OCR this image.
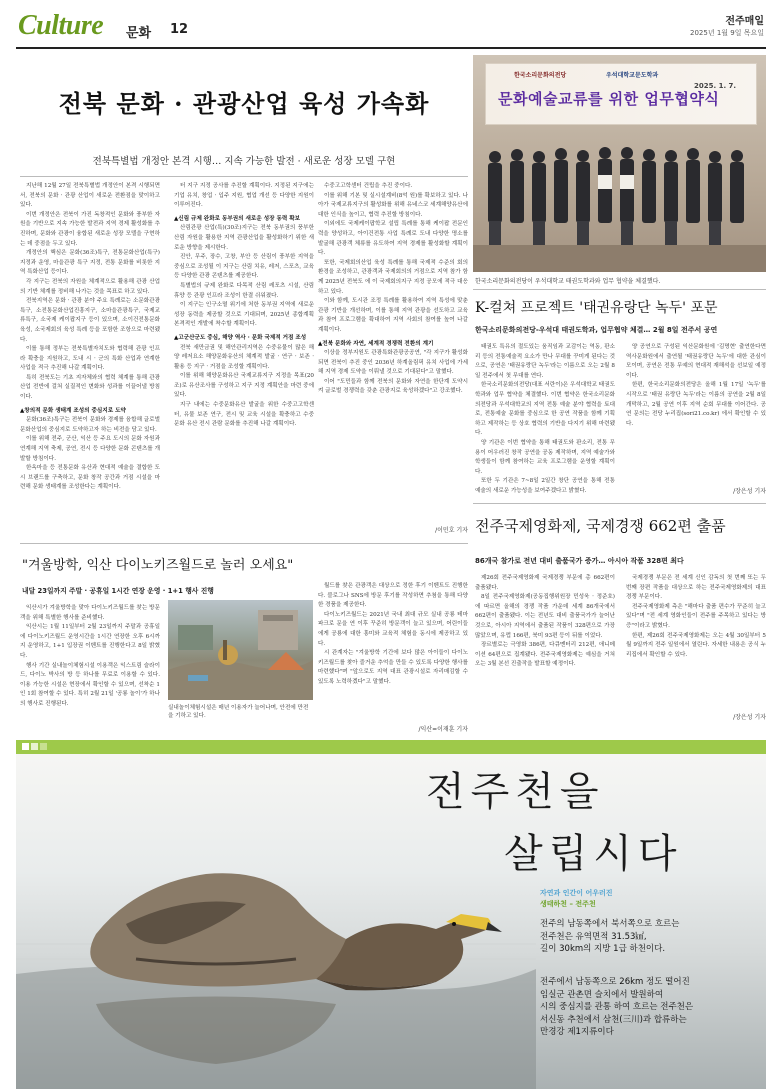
Culture 문화 12
전주매일
2025년 1월 9일 목요일
전북 문화 · 관광산업 육성 가속화
전북특별법 개정안 본격 시행… 지속 가능한 발전 · 새로운 성장 모델 구현

지난해 12월 27일 전북특별법 개정안이 본격 시행되면서, 전북의 문화 · 관광 산업이 새로운 전환점을 맞이하고 있다.

이번 개정안은 전북이 가진 독창적인 문화와 풍부한 자원을 기반으로 지속 가능한 발전과 지역 경제 활성화를 추진하며, 문화와 관광이 융합된 새로운 성장 모델을 구현하는 데 중점을 두고 있다.

개정안의 핵심은 문화(36조)특구, 전통문화산업(특구) 지정과 운영, 마을관광 특구 지정, 전통 문화를 비롯한 지역 특화산업 등이다.

각 지구는 전북의 자원을 체계적으로 활용해 관광 산업의 기반 체계를 정비해 나가는 것을 목표로 하고 있다.

전북지역은 문화 · 관광 분야 주요 특례로는 소문화관광특구, 소전통문화산업진흥지구, 소마을관광특구, 국제교류특구, 소국제 케이팝지구 등이 있으며, 소이건전통문화 육성, 소국제회의 육성 특례 등을 포함한 조항으로 마련됐다.

이를 통해 정부는 전북특별자치도와 협력해 관광 인프라 확충을 지원하고, 도내 시 · 군의 특화 산업과 연계한 사업을 적극 추진해 나갈 계획이다.

특히 전북도는 기초 지자체와의 협력 체계를 통해 관광 산업 전반에 걸쳐 실질적인 변화와 성과를 이끌어낼 방침이다.

▲창의적 문화 생태계 조성의 중심지로 도약

문화(36조)특구는 전북이 문화와 경제를 융합해 글로벌 문화산업의 중심지로 도약하고자 하는 비전을 담고 있다.

이를 위해 전주, 군산, 익산 등 주요 도시의 문화 자원과 연계해 지역 축제, 공연, 전시 등 다양한 문화 콘텐츠를 개발할 방침이다.

한옥마을 등 전통문화 유산과 현대적 예술을 결합한 도시 브랜드를 구축하고, 문화 창작 공간과 거점 시설을 마련해 문화 생태계를 조성한다는 계획이다.

터 지구 지정 공사를 추진할 계획이다. 지정된 지구에는 기업 유치, 창업 · 입주 지원, 협업 개선 등 다양한 지원이 이루어진다.

▲신림 규제 완화로 동부권의 새로운 성장 동력 확보

산림관광 산업(특)(30조)지구는 전북 동부권의 풍부한 산림 자원을 활용한 지역 관광산업을 활성화하기 위한 새로운 방향을 제시한다.

진안, 무주, 장수, 고창, 부안 등 산림이 풍부한 지역을 중심으로 조성될 이 지구는 산림 치유, 레저, 스포츠, 교육 등 다양한 관광 콘텐츠를 제공한다.

특별법의 규제 완화로 다목적 산림 레포츠 시설, 산림 휴양 등 관광 인프라 조성이 한결 쉬워졌다.

이 지구는 인구소멸 위기에 처한 동부권 지역에 새로운 성장 동력을 제공할 것으로 기대되며, 2025년 종합계획 본격적인 개발에 착수할 계획이다.

▲고군산군도 중심, 해양 역사 · 문화 국제적 거점 조성

전북 새만금권 및 해안관리지역은 수중유물이 많은 해양 레저요소 해양문화유산의 체계적 발굴 · 연구 · 보존 · 활용 등 지구 · 거점을 조성할 계획이다.

이를 위해 해양문화유산 국제교류지구 지정을 목표(20조)로 유산조사를 구성하고 지구 지정 계획안을 마련 중에 있다.

지구 내에는 수중문화유산 발굴을 위한 수중고고학센터, 유물 보존 연구, 전시 및 교육 시설을 확충하고 수중 문화 유산 전시 관람 문화를 추진해 나갈 계획이다.

수중고고학센터 건립을 추진 중이다.

이를 위해 기본 및 실시설계비(8억 원)를 확보하고 있다. 나아가 국제교류지구의 활성화를 위해 유네스코 세계해양유산에 대한 인식을 높이고, 협력 추진할 방침이다.

이외에도 국제케이팝학교 설립 특례를 통해 케이팝 전문인력을 양성하고, 아이건전통 사업 특례로 도내 다양한 명소를 발굴해 관광객 체류를 유도하여 지역 경제를 활성화할 계획이다.

또한, 국제회의산업 육성 특례를 통해 국제적 수준의 회의 환경을 조성하고, 관광객과 국제회의의 거점으로 지역 참가 함께 2025년 전북도 에 이 국제회의지구 지정 공모에 적극 대응하고 있다.

이와 함께, 도시관 조정 특례를 활용하여 지역 특성에 맞춘 관광 기반을 개선하며, 이를 통해 지역 관광을 선도하고 교육과 참여 프로그램을 확대하여 지역 사회의 참여를 높여 나갈 계획이다.

▲전북 문화와 자연, 세계적 경쟁력 전환의 계기

이상을 정부지원도 관광특화관광공공연, "각 지구가 활성화되면 전북이 추진 중인 2036년 하계올림픽 유치 사업에 가세해 지역 경제 도약을 이뤄낼 것으로 기대된다"고 말했다.

이어 "도민들과 함께 전북의 문화와 자연을 한단계 도약시켜 글로벌 경쟁력을 갖춘 관광지로 육성하겠다"고 강조했다.

/이민호 기자
한국소리문화의전당	우석대학교문도학과
문화예술교류를 위한 업무협약식
2025. 1. 7.
한국소리문화의전당이 우석대학교 태권도학과와 업무 협약을 체결했다.
K-컬쳐 프로젝트 '태권유랑단 녹두' 포문
한국소리문화의전당-우석대 태권도학과, 업무협약 체결… 2월 8일 전주서 공연

태권도 특유의 절도있는 움직임과 교감이는 역동, 판소리 등의 전통예술적 요소가 만나 무대를 꾸미게 된다는 것으로, 공연은 '태권유랑단 녹두'라는 이름으로 오는 2월 8일 전주에서 첫 무대를 연다.

한국소리문화의전당(대표 서란이)은 우석대학교 태권도학과와 업무 협약을 체결했다. 이번 협약은 한국소리문화의전당과 우석대학교의 지역 전통 예술 분야 협력을 토대로, 전통예술 문화를 중심으로 한 공연 작품을 함께 기획하고 제작하는 등 상호 협력의 기반을 다지기 위해 마련됐다.

양 기관은 이번 협약을 통해 태권도와 판소리, 전통 무용이 어우러진 창작 공연을 공동 제작하며, 지역 예술가와 학생들이 함께 참여하는 교육 프로그램을 운영할 계획이다.

또한 두 기관은 7~8일 2일간 창단 공연을 통해 전통 예술의 새로운 가능성을 보여주겠다고 밝혔다.

양 공연으로 구성된 익산문화원에 '김명현' 출연한다면 역사문화원에서 출연될 '태권유랑단 녹두'에 대한 관심이 모이며, 공연은 전통 무예의 현대적 재해석을 선보일 예정이다.

한편, 한국소리문화의전당은 올해 1월 17일 '녹두'를 시작으로 '태권 유랑단 녹두'라는 이름의 공연을 2월 8일 개막하고, 2월 공연 이후 지역 순회 무대를 이어간다. 공연 문의는 전당 누리집(sori21.co.kr) 에서 확인할 수 있다.

/장은성 기자
전주국제영화제, 국제경쟁 662편 출품
86개국 참가로 전년 대비 출품국가 증가… 아시아 작품 328편 최다

제26회 전주국제영화제 국제경쟁 부문에 총 662편이 출품됐다.

8일 전주국제영화제(공동집행위원장 민성욱 · 정준호)에 따르면 올해의 경쟁 작품 가운데 세계 86개국에서 662편이 출품됐다. 이는 전년도 대비 출품국가가 늘어난 것으로, 아시아 지역에서 출품된 작품이 328편으로 가장 많았으며, 유럽 166편, 북미 93편 등이 뒤를 이었다.

장르별로는 극영화 386편, 다큐멘터리 212편, 애니메이션 64편으로 집계됐다. 전주국제영화제는 예심을 거쳐 오는 3월 본선 진출작을 발표할 예정이다.

국제경쟁 부문은 전 세계 신인 감독의 첫 번째 또는 두 번째 장편 작품을 대상으로 하는 전주국제영화제의 대표 경쟁 부문이다.

전주국제영화제 측은 "해마다 출품 편수가 꾸준히 늘고 있다"며 "전 세계 영화인들이 전주를 주목하고 있다는 방증"이라고 밝혔다.

한편, 제26회 전주국제영화제는 오는 4월 30일부터 5월 9일까지 전주 일원에서 열린다. 자세한 내용은 공식 누리집에서 확인할 수 있다.

/장은성 기자
"겨울방학, 익산 다이노키즈월드로 놀러 오세요"
내달 23일까지 주말 · 공휴일 1시간 연장 운영 · 1+1 행사 진행

익산시가 겨울방학을 맞아 다이노키즈월드를 찾는 방문객을 위해 특별한 행사를 준비했다.

익산시는 1월 11일부터 2월 23일까지 주말과 공휴일에 다이노키즈월드 운영시간을 1시간 연장한 오후 6시까지 운영하고, 1+1 입장권 이벤트를 진행한다고 8일 밝혔다.

행사 기간 실내놀이체험시설 이용객은 익스트림 슬라이드, 다이노 박사의 방 등 하나를 무료로 이용할 수 있다. 이용 가능한 시설은 현장에서 확인할 수 있으며, 선착순 1인 1회 참여할 수 있다. 특히 2월 21일 '공룡 놀이'가 하나의 행사로 진행된다.

실내놀이체험시설은 매년 이용자가 늘어나며, 안전에 만전을 기하고 있다.

월드를 찾은 관광객은 대상으로 정한 후기 이벤트도 진행한다. 블로그나 SNS에 방문 후기를 작성하면 추첨을 통해 다양한 경품을 제공한다.

다이노키즈월드는 2021년 국내 최대 규모 실내 공룡 테마파크로 문을 연 이후 꾸준히 방문객이 늘고 있으며, 어린이들에게 공룡에 대한 흥미와 교육적 체험을 동시에 제공하고 있다.

시 관계자는 "겨울방학 기간에 보다 많은 아이들이 다이노키즈월드를 찾아 즐거운 추억을 만들 수 있도록 다양한 행사를 마련했다"며 "앞으로도 지역 대표 관광시설로 자리매김할 수 있도록 노력하겠다"고 말했다.

/익산=이재훈 기자
전주천을
살립시다
자연과 인간이 어우러진
생태하천 – 전주천
전주의 남동쪽에서 북서쪽으로 흐르는
전주천은 유역면적 31.53㎢,
길이 30km의 지방 1급 하천이다.
전주에서 남동쪽으로 26km 정도 떨어진
임실군 관촌면 슬치에서 발원하여
시의 중심지를 관통 하여 흐르는 전주천은
서신동 추천에서 삼천(三川)과 합류하는
만경강 제1지류이다
